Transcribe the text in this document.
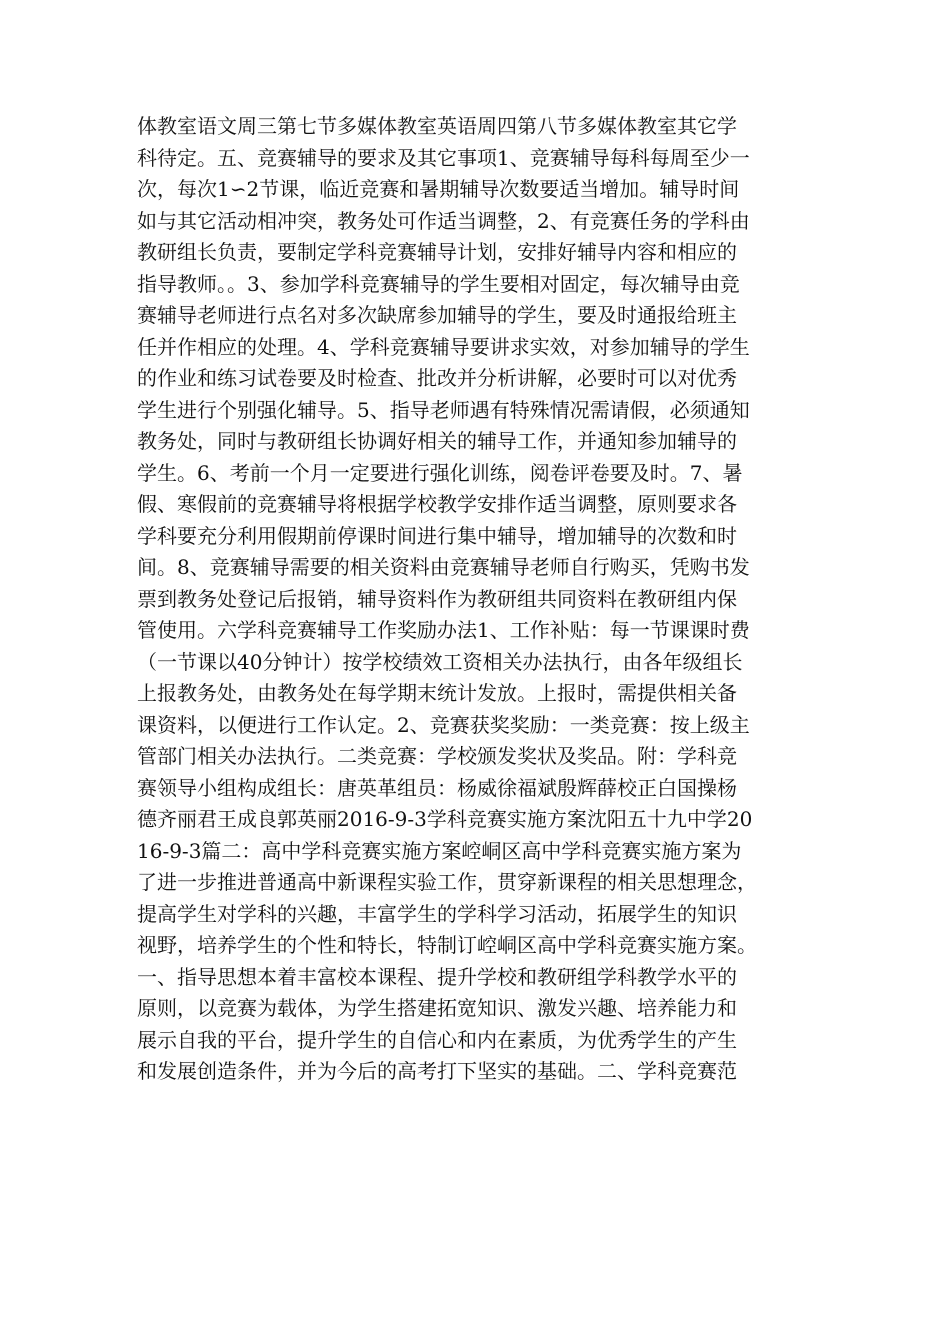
体教室语文周三第七节多媒体教室英语周四第八节多媒体教室其它学
科待定。五、竞赛辅导的要求及其它事项1、竞赛辅导每科每周至少一
次，每次1∽2节课，临近竞赛和暑期辅导次数要适当增加。辅导时间
如与其它活动相冲突，教务处可作适当调整，2、有竞赛任务的学科由
教研组长负责，要制定学科竞赛辅导计划，安排好辅导内容和相应的
指导教师。。3、参加学科竞赛辅导的学生要相对固定，每次辅导由竞
赛辅导老师进行点名对多次缺席参加辅导的学生，要及时通报给班主
任并作相应的处理。4、学科竞赛辅导要讲求实效，对参加辅导的学生
的作业和练习试卷要及时检查、批改并分析讲解，必要时可以对优秀
学生进行个别强化辅导。5、指导老师遇有特殊情况需请假，必须通知
教务处，同时与教研组长协调好相关的辅导工作，并通知参加辅导的
学生。6、考前一个月一定要进行强化训练，阅卷评卷要及时。7、暑
假、寒假前的竞赛辅导将根据学校教学安排作适当调整，原则要求各
学科要充分利用假期前停课时间进行集中辅导，增加辅导的次数和时
间。8、竞赛辅导需要的相关资料由竞赛辅导老师自行购买，凭购书发
票到教务处登记后报销，辅导资料作为教研组共同资料在教研组内保
管使用。六学科竞赛辅导工作奖励办法1、工作补贴：每一节课课时费
（一节课以40分钟计）按学校绩效工资相关办法执行，由各年级组长
上报教务处，由教务处在每学期末统计发放。上报时，需提供相关备
课资料，以便进行工作认定。2、竞赛获奖奖励：一类竞赛：按上级主
管部门相关办法执行。二类竞赛：学校颁发奖状及奖品。附：学科竞
赛领导小组构成组长：唐英革组员：杨威徐福斌殷辉薛校正白国操杨
德齐丽君王成良郭英丽2016-9-3学科竞赛实施方案沈阳五十九中学20
16-9-3篇二：高中学科竞赛实施方案崆峒区高中学科竞赛实施方案为
了进一步推进普通高中新课程实验工作，贯穿新课程的相关思想理念，
提高学生对学科的兴趣，丰富学生的学科学习活动，拓展学生的知识
视野，培养学生的个性和特长，特制订崆峒区高中学科竞赛实施方案。
一、指导思想本着丰富校本课程、提升学校和教研组学科教学水平的
原则，以竞赛为载体，为学生搭建拓宽知识、激发兴趣、培养能力和
展示自我的平台，提升学生的自信心和内在素质，为优秀学生的产生
和发展创造条件，并为今后的高考打下坚实的基础。二、学科竞赛范
